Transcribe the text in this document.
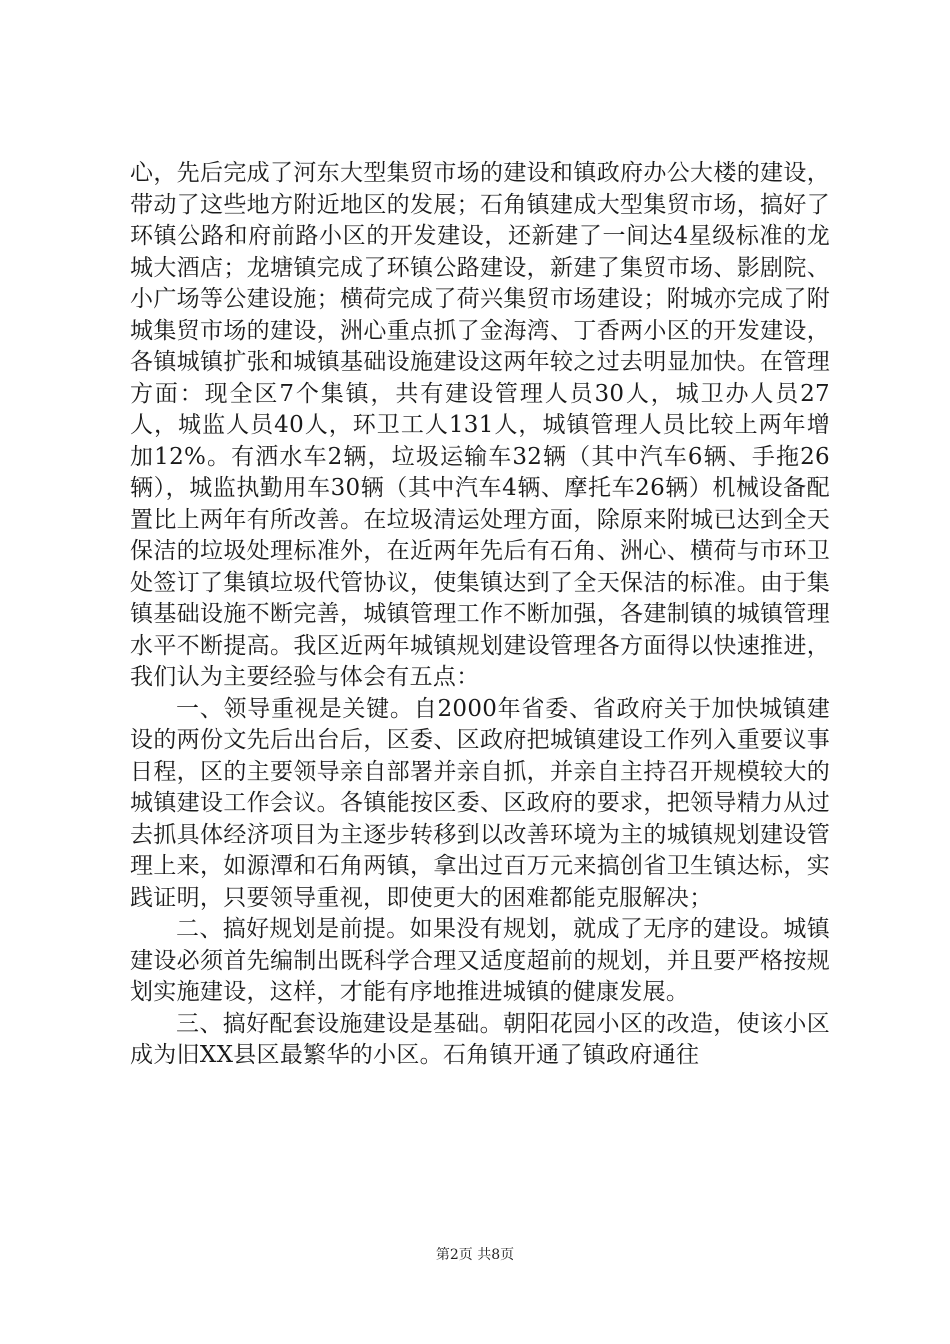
心，先后完成了河东大型集贸市场的建设和镇政府办公大楼的建设，带动了这些地方附近地区的发展；石角镇建成大型集贸市场，搞好了环镇公路和府前路小区的开发建设，还新建了一间达4星级标准的龙城大酒店；龙塘镇完成了环镇公路建设，新建了集贸市场、影剧院、小广场等公建设施；横荷完成了荷兴集贸市场建设；附城亦完成了附城集贸市场的建设，洲心重点抓了金海湾、丁香两小区的开发建设，各镇城镇扩张和城镇基础设施建设这两年较之过去明显加快。在管理方面：现全区7个集镇，共有建设管理人员30人，城卫办人员27人，城监人员40人，环卫工人131人，城镇管理人员比较上两年增加12%。有洒水车2辆，垃圾运输车32辆（其中汽车6辆、手拖26辆），城监执勤用车30辆（其中汽车4辆、摩托车26辆）机械设备配置比上两年有所改善。在垃圾清运处理方面，除原来附城已达到全天保洁的垃圾处理标准外，在近两年先后有石角、洲心、横荷与市环卫处签订了集镇垃圾代管协议，使集镇达到了全天保洁的标准。由于集镇基础设施不断完善，城镇管理工作不断加强，各建制镇的城镇管理水平不断提高。我区近两年城镇规划建设管理各方面得以快速推进，我们认为主要经验与体会有五点：

一、领导重视是关键。自2000年省委、省政府关于加快城镇建设的两份文先后出台后，区委、区政府把城镇建设工作列入重要议事日程，区的主要领导亲自部署并亲自抓，并亲自主持召开规模较大的城镇建设工作会议。各镇能按区委、区政府的要求，把领导精力从过去抓具体经济项目为主逐步转移到以改善环境为主的城镇规划建设管理上来，如源潭和石角两镇，拿出过百万元来搞创省卫生镇达标，实践证明，只要领导重视，即使更大的困难都能克服解决；

二、搞好规划是前提。如果没有规划，就成了无序的建设。城镇建设必须首先编制出既科学合理又适度超前的规划，并且要严格按规划实施建设，这样，才能有序地推进城镇的健康发展。

三、搞好配套设施建设是基础。朝阳花园小区的改造，使该小区成为旧XX县区最繁华的小区。石角镇开通了镇政府通往

第2页 共8页
